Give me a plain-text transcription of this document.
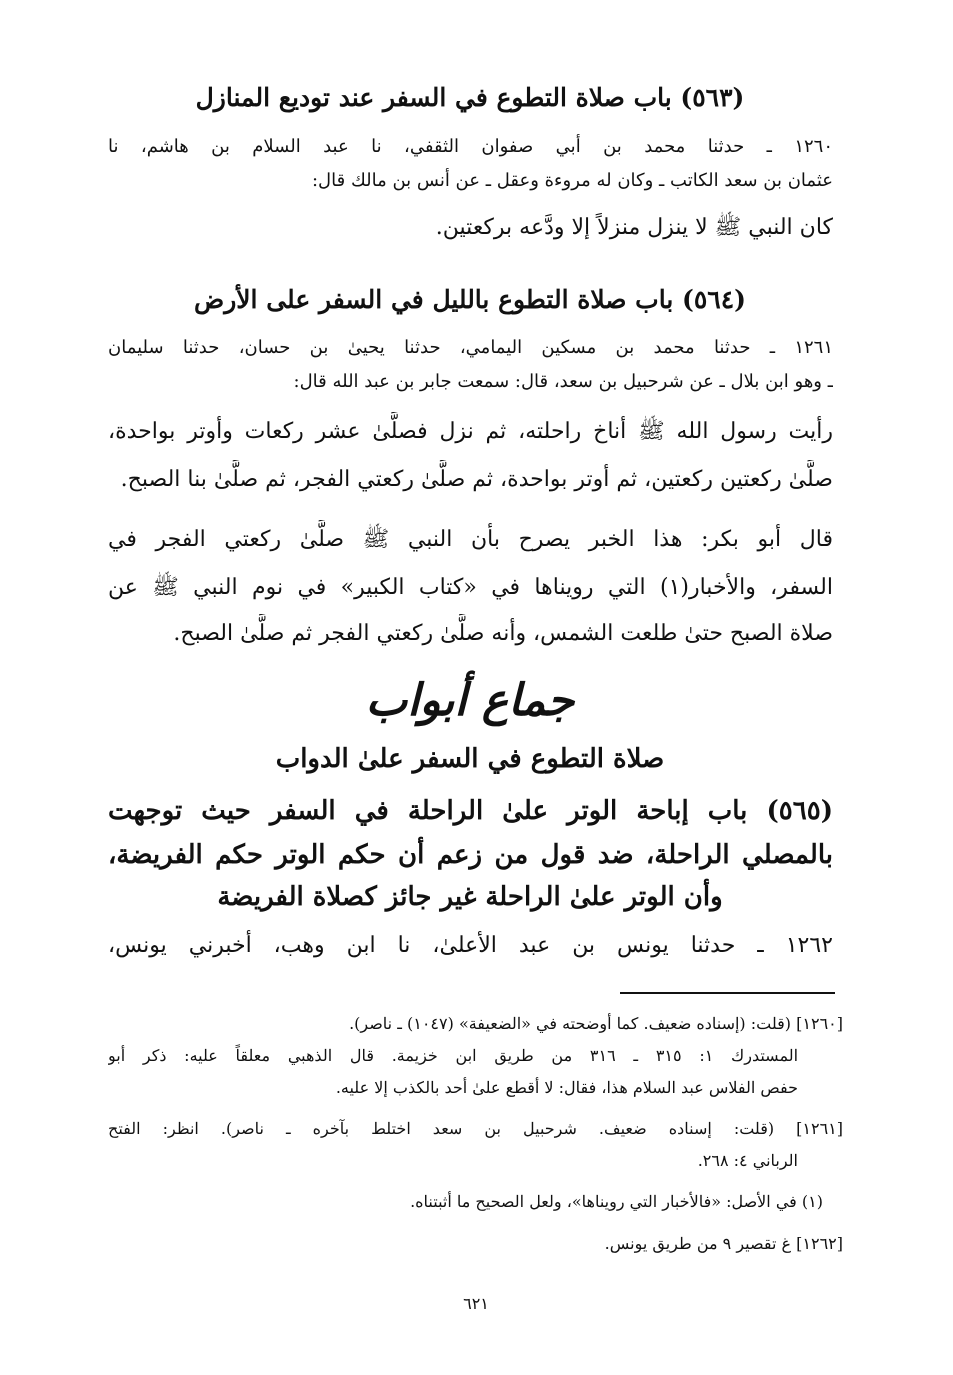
(٥٦٣) باب صلاة التطوع في السفر عند توديع المنازل
١٢٦٠ ـ حدثنا محمد بن أبي صفوان الثقفي، نا عبد السلام بن هاشم، نا
عثمان بن سعد الكاتب ـ وكان له مروءة وعقل ـ عن أنس بن مالك قال:
كان النبي ﷺ لا ينزل منزلاً إلا ودَّعه بركعتين.
(٥٦٤) باب صلاة التطوع بالليل في السفر على الأرض
١٢٦١ ـ حدثنا محمد بن مسكين اليمامي، حدثنا يحيىٰ بن حسان، حدثنا سليمان
ـ وهو ابن بلال ـ عن شرحبيل بن سعد، قال: سمعت جابر بن عبد الله قال:
رأيت رسول الله ﷺ أناخ راحلته، ثم نزل فصلَّىٰ عشر ركعات وأوتر بواحدة،
صلَّىٰ ركعتين ركعتين، ثم أوتر بواحدة، ثم صلَّىٰ ركعتي الفجر، ثم صلَّىٰ بنا الصبح.
قال أبو بكر: هذا الخبر يصرح بأن النبي ﷺ صلَّىٰ ركعتي الفجر في
السفر، والأخبار(١) التي رويناها في «كتاب الكبير» في نوم النبي ﷺ عن
صلاة الصبح حتىٰ طلعت الشمس، وأنه صلَّىٰ ركعتي الفجر ثم صلَّىٰ الصبح.
جماع أبواب
صلاة التطوع في السفر علىٰ الدواب
(٥٦٥) باب إباحة الوتر علىٰ الراحلة في السفر حيث توجهت
بالمصلي الراحلة، ضد قول من زعم أن حكم الوتر حكم الفريضة،
وأن الوتر علىٰ الراحلة غير جائز كصلاة الفريضة
١٢٦٢ ـ حدثنا يونس بن عبد الأعلىٰ، نا ابن وهب، أخبرني يونس،
[١٢٦٠] (قلت: (إسناده ضعيف. كما أوضحته في «الضعيفة» (١٠٤٧) ـ ناصر).
المستدرك ١: ٣١٥ ـ ٣١٦ من طريق ابن خزيمة. قال الذهبي معلقاً عليه: ذكر أبو
حفص الفلاس عبد السلام هذا، فقال: لا أقطع علىٰ أحد بالكذب إلا عليه.
[١٢٦١] (قلت: إسناده ضعيف. شرحبيل بن سعد اختلط بآخره ـ ناصر). انظر: الفتح
الرباني ٤: ٢٦٨.
(١) في الأصل: «فالأخبار التي رويناها»، ولعل الصحيح ما أثبتناه.
[١٢٦٢] غ تقصير ٩ من طريق يونس.
٦٢١
